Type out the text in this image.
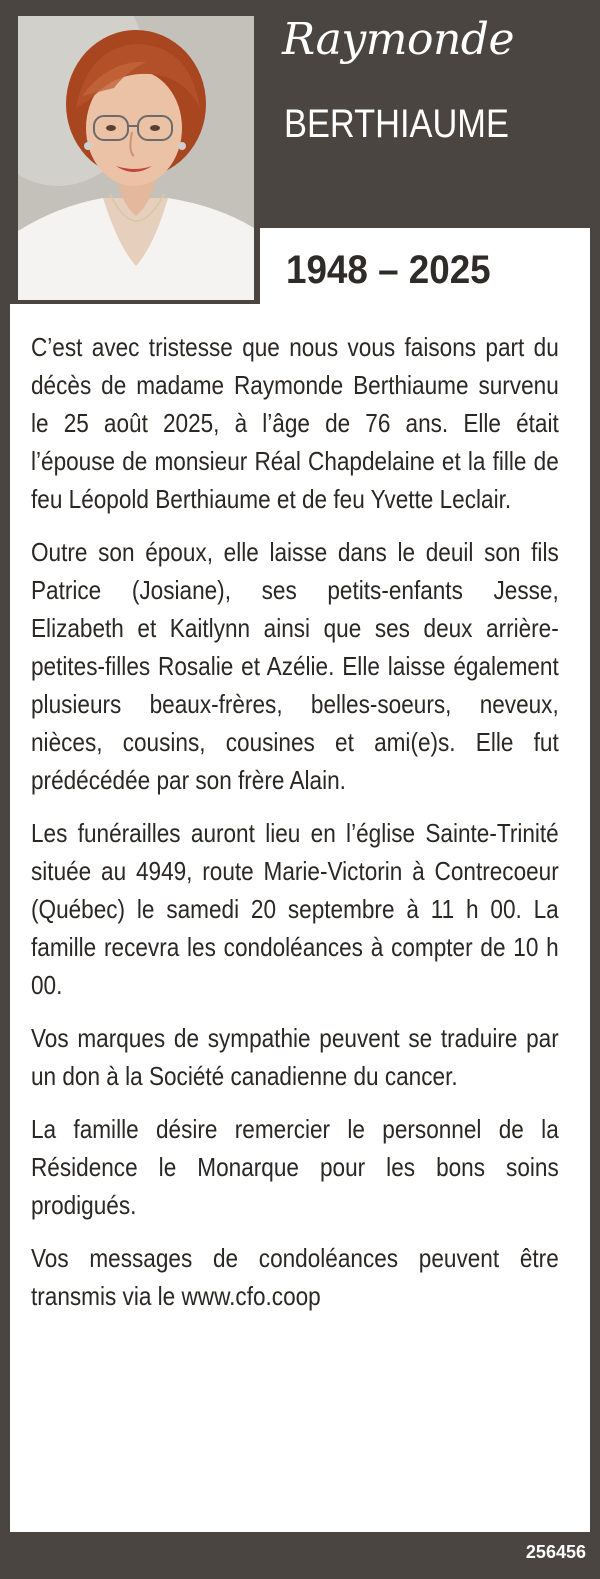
Raymonde
BERTHIAUME
1948 – 2025

C’est avec tristesse que nous vous faisons part du décès de madame Raymonde Berthiaume survenu le 25 août 2025, à l’âge de 76 ans. Elle était l’épouse de monsieur Réal Chapdelaine et la fille de feu Léopold Berthiaume et de feu Yvette Leclair.

Outre son époux, elle laisse dans le deuil son fils Patrice (Josiane), ses petits-enfants Jesse, Elizabeth et Kaitlynn ainsi que ses deux arrière-petites-filles Rosalie et Azélie. Elle laisse également plusieurs beaux-frères, belles-soeurs, neveux, nièces, cousins, cousines et ami(e)s. Elle fut prédécédée par son frère Alain.

Les funérailles auront lieu en l’église Sainte-Trinité située au 4949, route Marie-Victorin à Contrecoeur (Québec) le samedi 20 septembre à 11 h 00. La famille recevra les condoléances à compter de 10 h 00.

Vos marques de sympathie peuvent se traduire par un don à la Société canadienne du cancer.

La famille désire remercier le personnel de la Résidence le Monarque pour les bons soins prodigués.

Vos messages de condoléances peuvent être transmis via le www.cfo.coop

256456
